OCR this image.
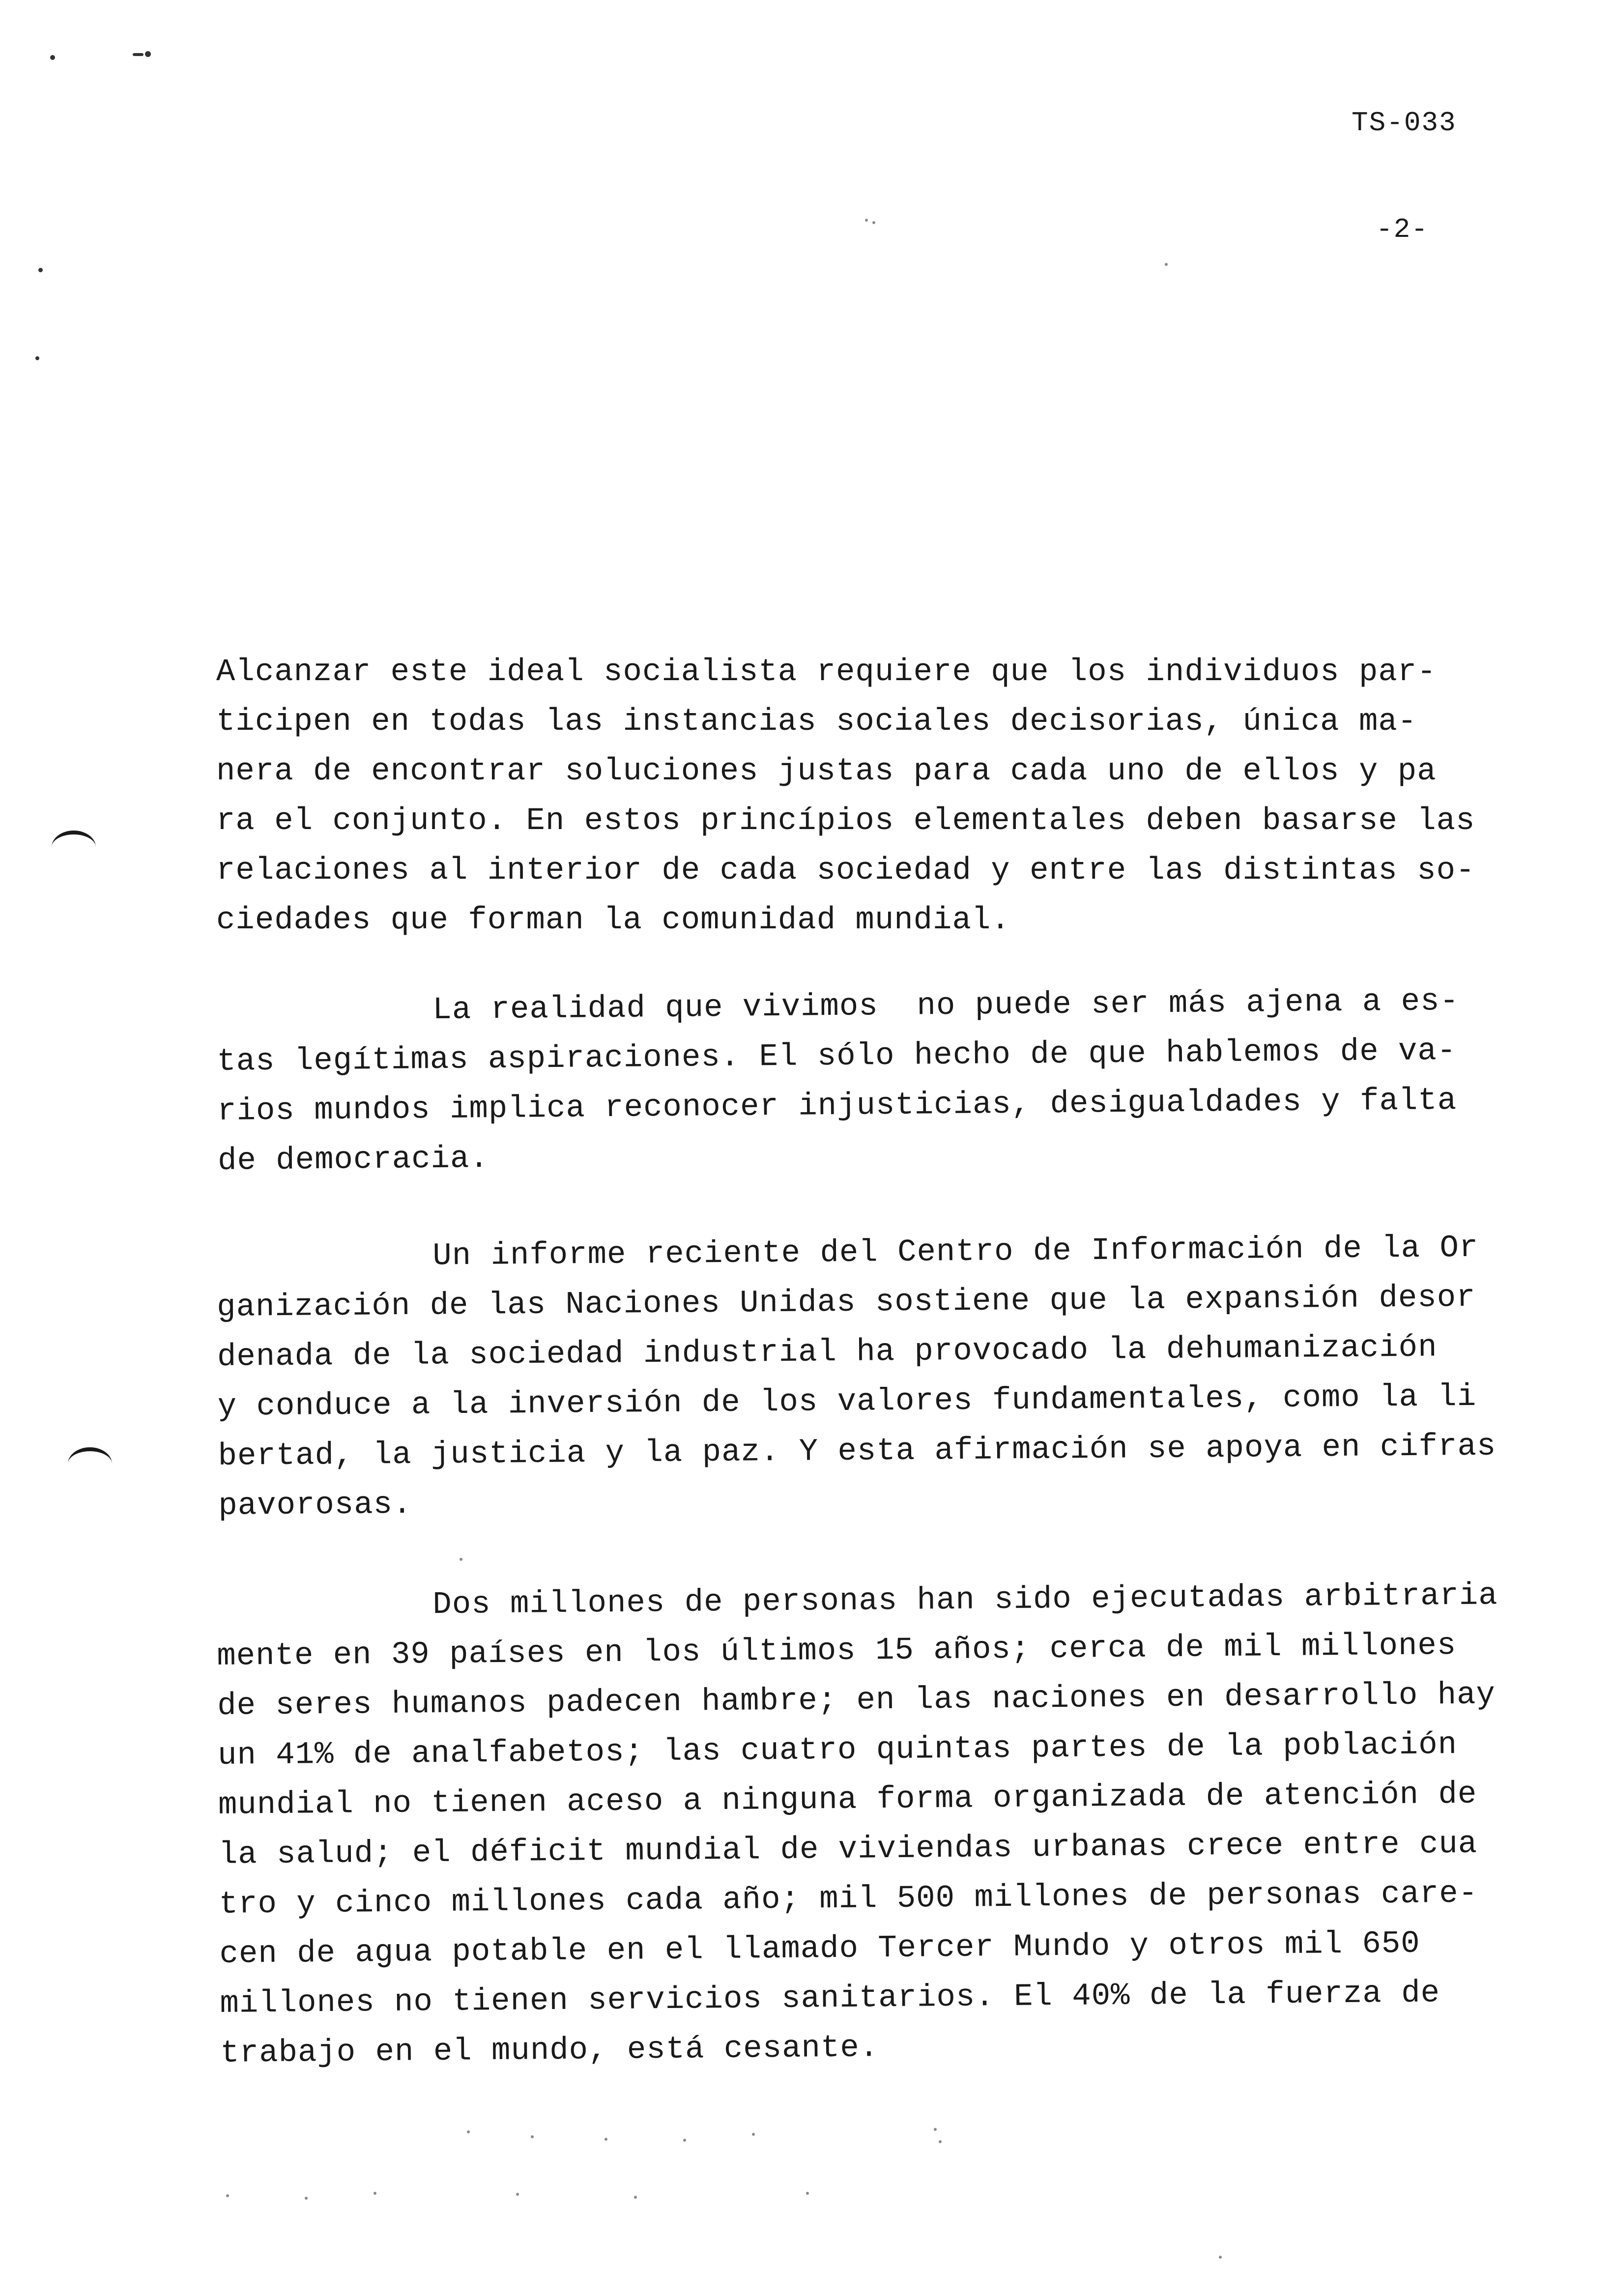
TS-033
-2-
Alcanzar este ideal socialista requiere que los individuos par-
ticipen en todas las instancias sociales decisorias, única ma-
nera de encontrar soluciones justas para cada uno de ellos y pa
ra el conjunto. En estos princípios elementales deben basarse las
relaciones al interior de cada sociedad y entre las distintas so-
ciedades que forman la comunidad mundial.
La realidad que vivimos  no puede ser más ajena a es-
tas legítimas aspiraciones. El sólo hecho de que hablemos de va-
rios mundos implica reconocer injusticias, desigualdades y falta
de democracia.
Un informe reciente del Centro de Información de la Or
ganización de las Naciones Unidas sostiene que la expansión desor
denada de la sociedad industrial ha provocado la dehumanización
y conduce a la inversión de los valores fundamentales, como la li
bertad, la justicia y la paz. Y esta afirmación se apoya en cifras
pavorosas.
Dos millones de personas han sido ejecutadas arbitraria
mente en 39 países en los últimos 15 años; cerca de mil millones
de seres humanos padecen hambre; en las naciones en desarrollo hay
un 41% de analfabetos; las cuatro quintas partes de la población
mundial no tienen aceso a ninguna forma organizada de atención de
la salud; el déficit mundial de viviendas urbanas crece entre cua
tro y cinco millones cada año; mil 500 millones de personas care-
cen de agua potable en el llamado Tercer Mundo y otros mil 650
millones no tienen servicios sanitarios. El 40% de la fuerza de
trabajo en el mundo, está cesante.
